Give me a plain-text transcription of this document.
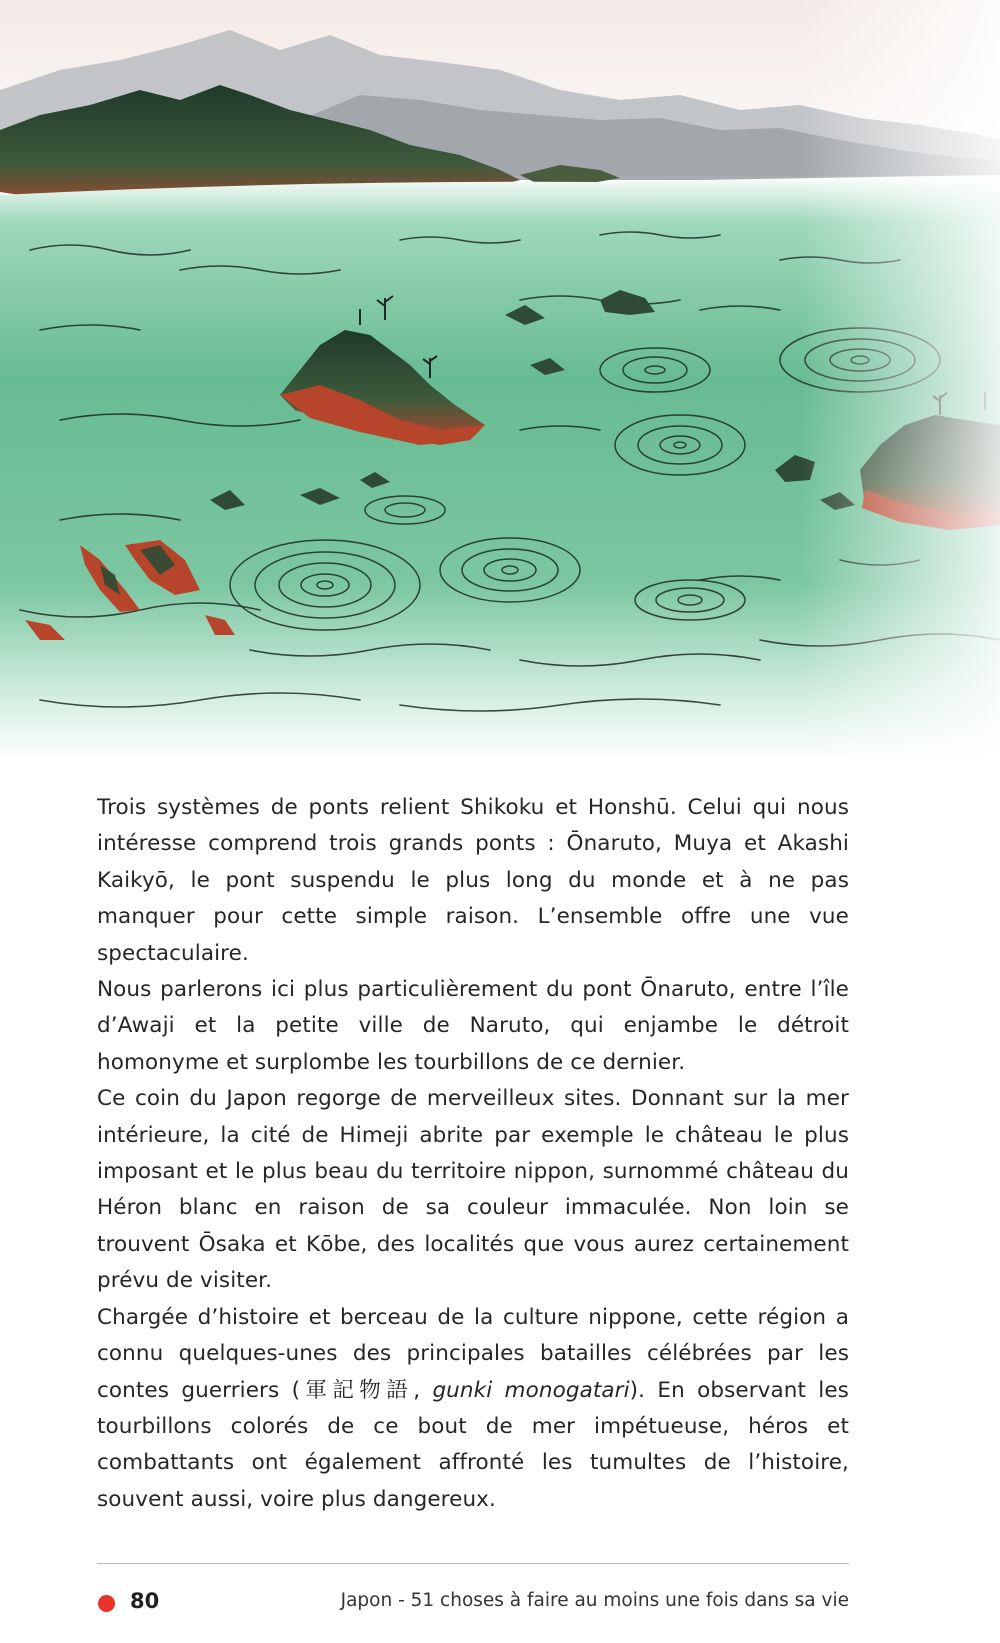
Trois systèmes de ponts relient Shikoku et Honshū. Celui qui nous intéresse comprend trois grands ponts : Ōnaruto, Muya et Akashi Kaikyō, le pont suspendu le plus long du monde et à ne pas manquer pour cette simple raison. L’ensemble offre une vue spectaculaire.

Nous parlerons ici plus particulièrement du pont Ōnaruto, entre l’île d’Awaji et la petite ville de Naruto, qui enjambe le détroit homonyme et surplombe les tourbillons de ce dernier.

Ce coin du Japon regorge de merveilleux sites. Donnant sur la mer intérieure, la cité de Himeji abrite par exemple le château le plus imposant et le plus beau du territoire nippon, surnommé château du Héron blanc en raison de sa couleur immaculée. Non loin se trouvent Ōsaka et Kōbe, des localités que vous aurez certainement prévu de visiter.

Chargée d’histoire et berceau de la culture nippone, cette région a connu quelques-unes des principales batailles célébrées par les contes guerriers (軍記物語, gunki monogatari). En observant les tourbillons colorés de ce bout de mer impétueuse, héros et combattants ont également affronté les tumultes de l’histoire, souvent aussi, voire plus dangereux.

80	Japon - 51 choses à faire au moins une fois dans sa vie
